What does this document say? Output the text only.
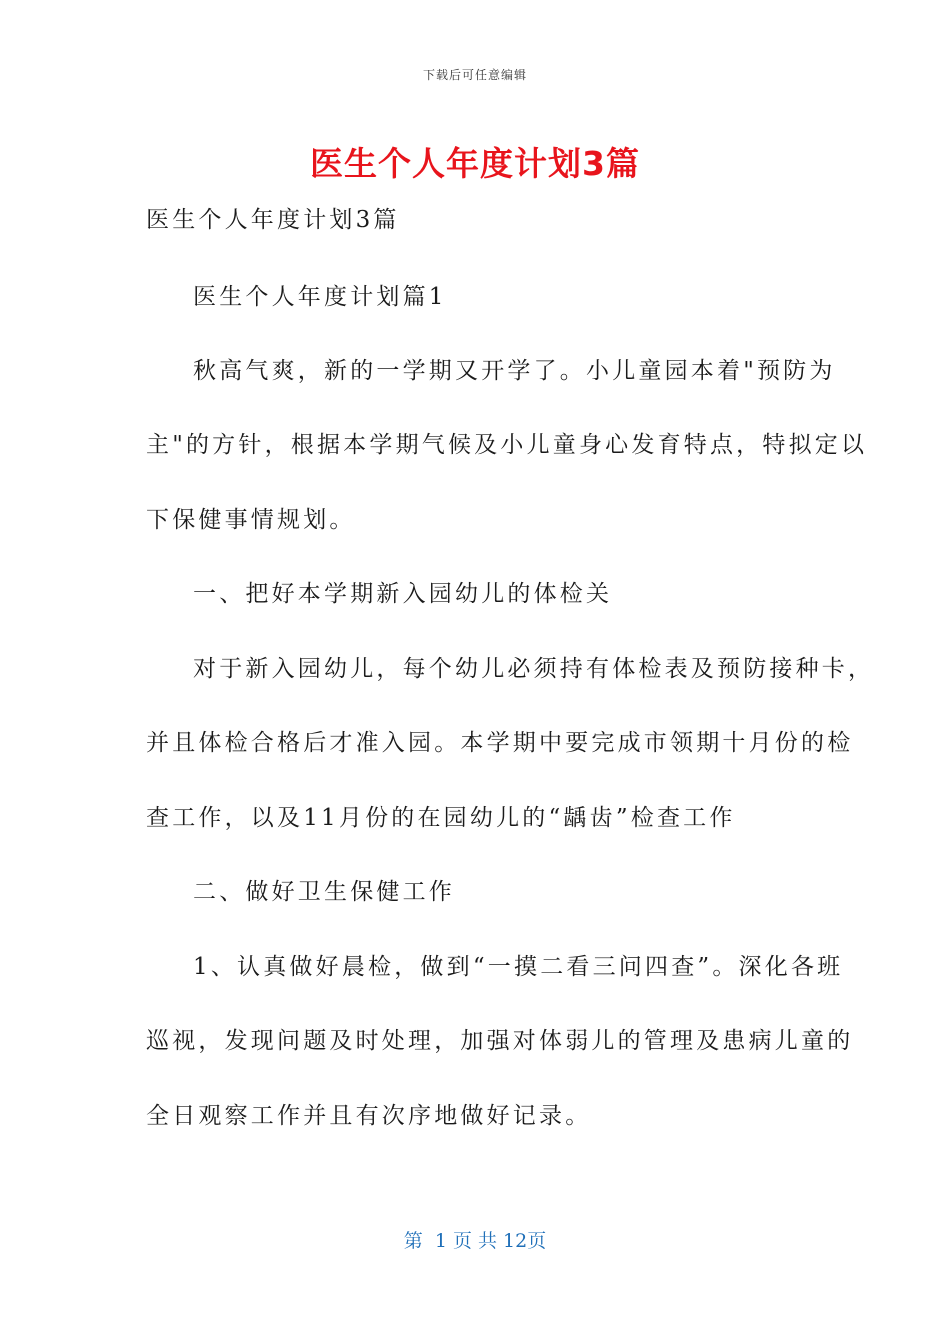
下载后可任意编辑
医生个人年度计划3篇
医生个人年度计划3篇
医生个人年度计划篇1
秋高气爽，新的一学期又开学了。小儿童园本着"预防为
主"的方针，根据本学期气候及小儿童身心发育特点，特拟定以
下保健事情规划。
一、把好本学期新入园幼儿的体检关
对于新入园幼儿，每个幼儿必须持有体检表及预防接种卡，
并且体检合格后才准入园。本学期中要完成市领期十月份的检
查工作，以及11月份的在园幼儿的“龋齿”检查工作
二、做好卫生保健工作
1、认真做好晨检，做到“一摸二看三问四查”。深化各班
巡视，发现问题及时处理，加强对体弱儿的管理及患病儿童的
全日观察工作并且有次序地做好记录。
第  1 页 共 12页
